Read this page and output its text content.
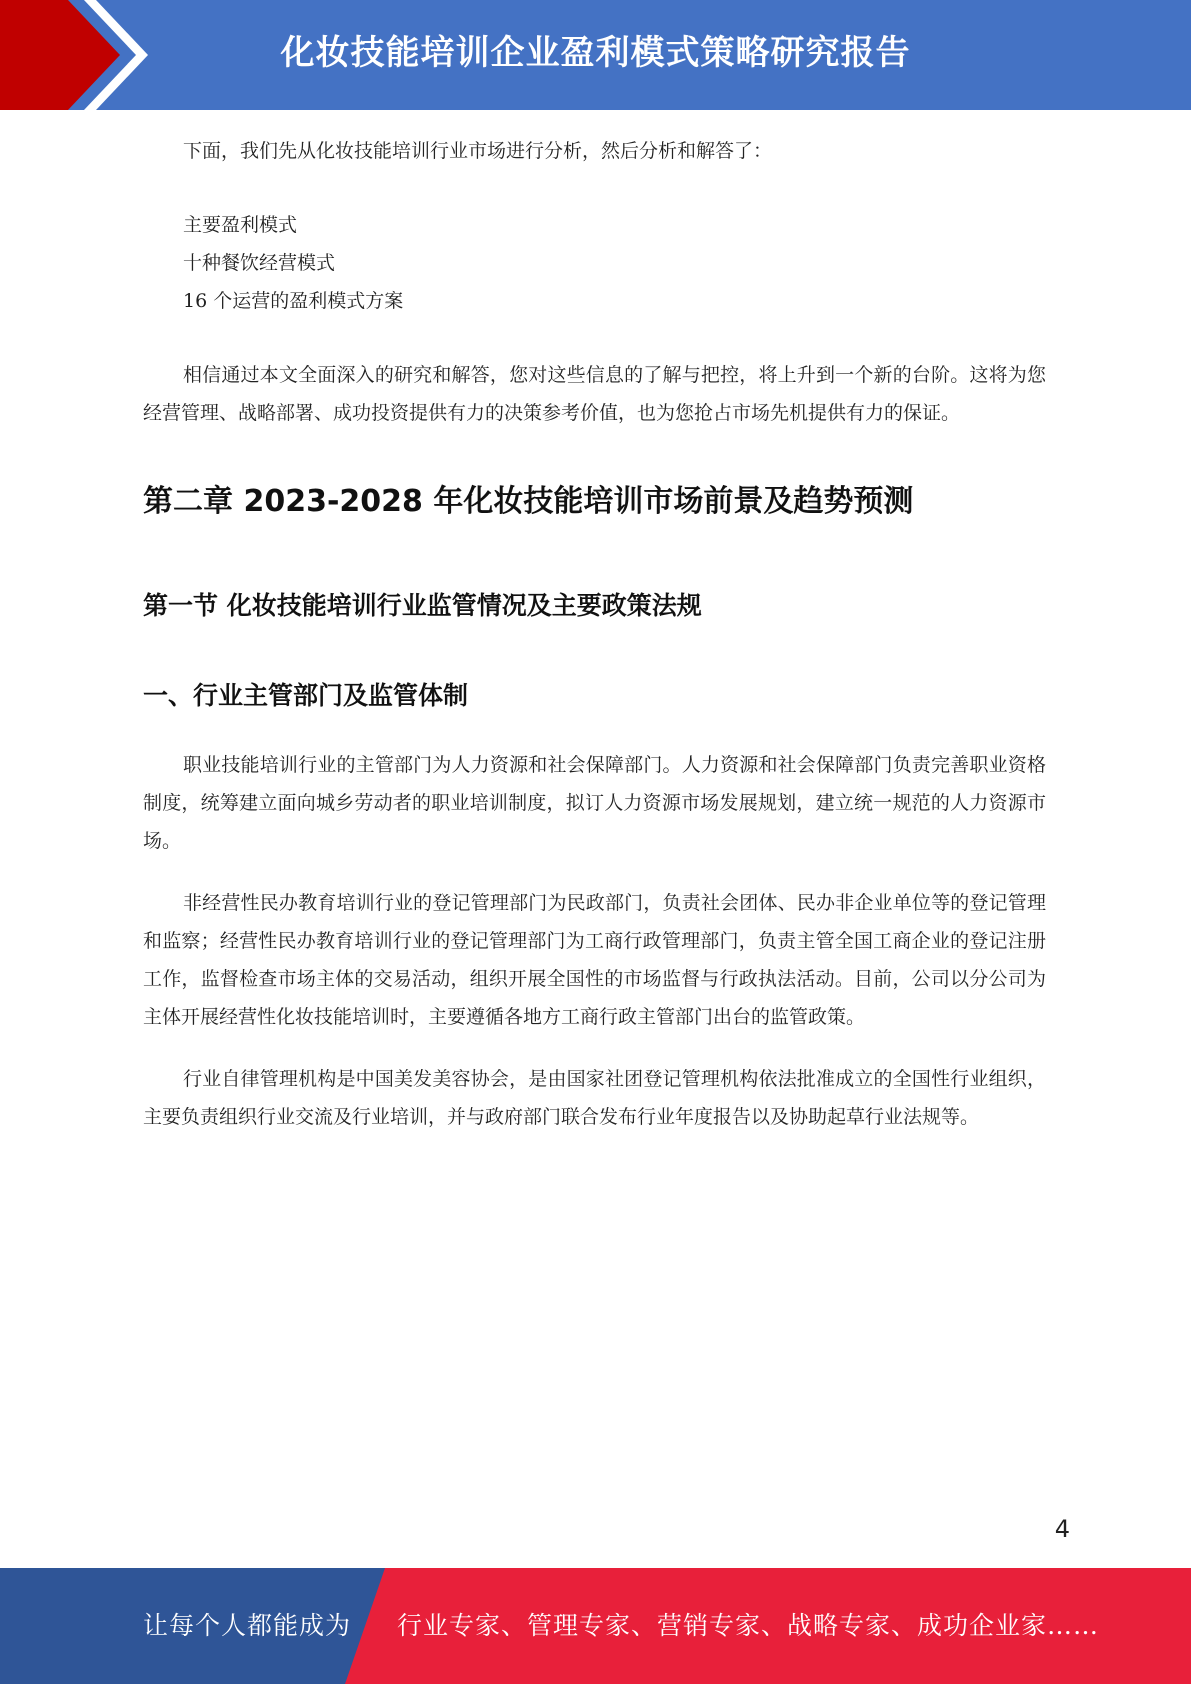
化妆技能培训企业盈利模式策略研究报告

下面，我们先从化妆技能培训行业市场进行分析，然后分析和解答了：

主要盈利模式
十种餐饮经营模式
16 个运营的盈利模式方案

相信通过本文全面深入的研究和解答，您对这些信息的了解与把控，将上升到一个新的台阶。这将为您经营管理、战略部署、成功投资提供有力的决策参考价值，也为您抢占市场先机提供有力的保证。

第二章 2023-2028 年化妆技能培训市场前景及趋势预测
第一节 化妆技能培训行业监管情况及主要政策法规
一、行业主管部门及监管体制

职业技能培训行业的主管部门为人力资源和社会保障部门。人力资源和社会保障部门负责完善职业资格制度，统筹建立面向城乡劳动者的职业培训制度，拟订人力资源市场发展规划，建立统一规范的人力资源市场。

非经营性民办教育培训行业的登记管理部门为民政部门，负责社会团体、民办非企业单位等的登记管理和监察；经营性民办教育培训行业的登记管理部门为工商行政管理部门，负责主管全国工商企业的登记注册工作，监督检查市场主体的交易活动，组织开展全国性的市场监督与行政执法活动。目前，公司以分公司为主体开展经营性化妆技能培训时，主要遵循各地方工商行政主管部门出台的监管政策。

行业自律管理机构是中国美发美容协会，是由国家社团登记管理机构依法批准成立的全国性行业组织，主要负责组织行业交流及行业培训，并与政府部门联合发布行业年度报告以及协助起草行业法规等。

4
让每个人都能成为 行业专家、管理专家、营销专家、战略专家、成功企业家……
